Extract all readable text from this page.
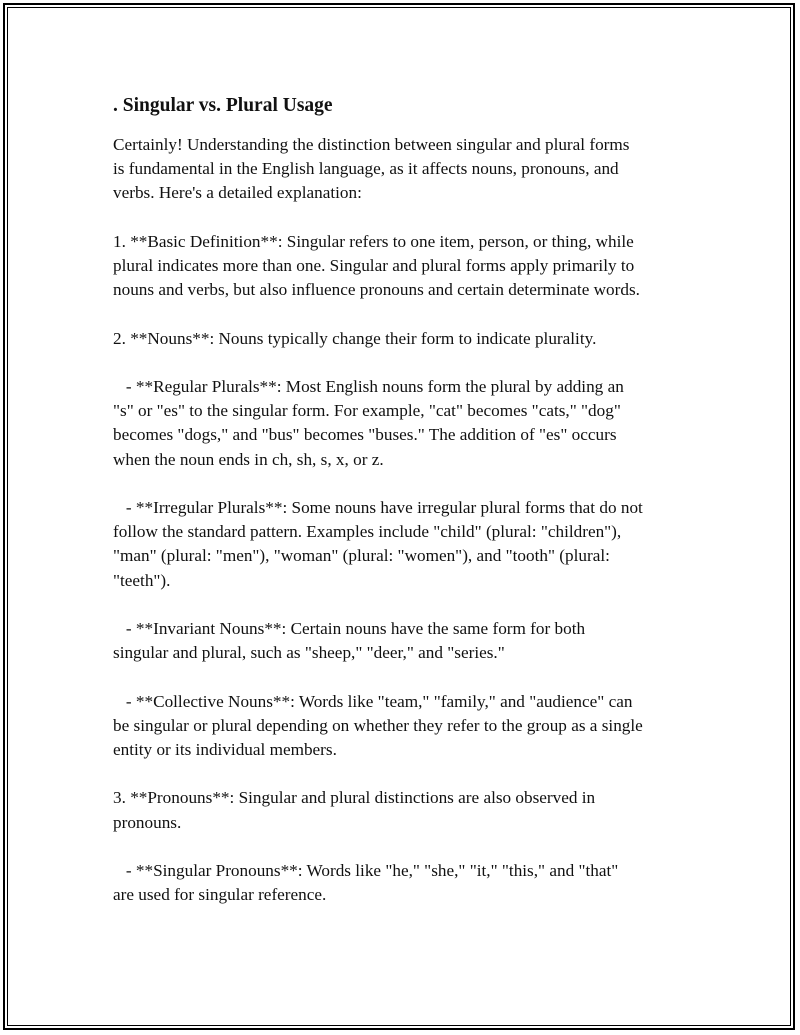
. Singular vs. Plural Usage
Certainly! Understanding the distinction between singular and plural forms
is fundamental in the English language, as it affects nouns, pronouns, and
verbs. Here's a detailed explanation:
1. **Basic Definition**: Singular refers to one item, person, or thing, while
plural indicates more than one. Singular and plural forms apply primarily to
nouns and verbs, but also influence pronouns and certain determinate words.
2. **Nouns**: Nouns typically change their form to indicate plurality.
- **Regular Plurals**: Most English nouns form the plural by adding an
"s" or "es" to the singular form. For example, "cat" becomes "cats," "dog"
becomes "dogs," and "bus" becomes "buses." The addition of "es" occurs
when the noun ends in ch, sh, s, x, or z.
- **Irregular Plurals**: Some nouns have irregular plural forms that do not
follow the standard pattern. Examples include "child" (plural: "children"),
"man" (plural: "men"), "woman" (plural: "women"), and "tooth" (plural:
"teeth").
- **Invariant Nouns**: Certain nouns have the same form for both
singular and plural, such as "sheep," "deer," and "series."
- **Collective Nouns**: Words like "team," "family," and "audience" can
be singular or plural depending on whether they refer to the group as a single
entity or its individual members.
3. **Pronouns**: Singular and plural distinctions are also observed in
pronouns.
- **Singular Pronouns**: Words like "he," "she," "it," "this," and "that"
are used for singular reference.
